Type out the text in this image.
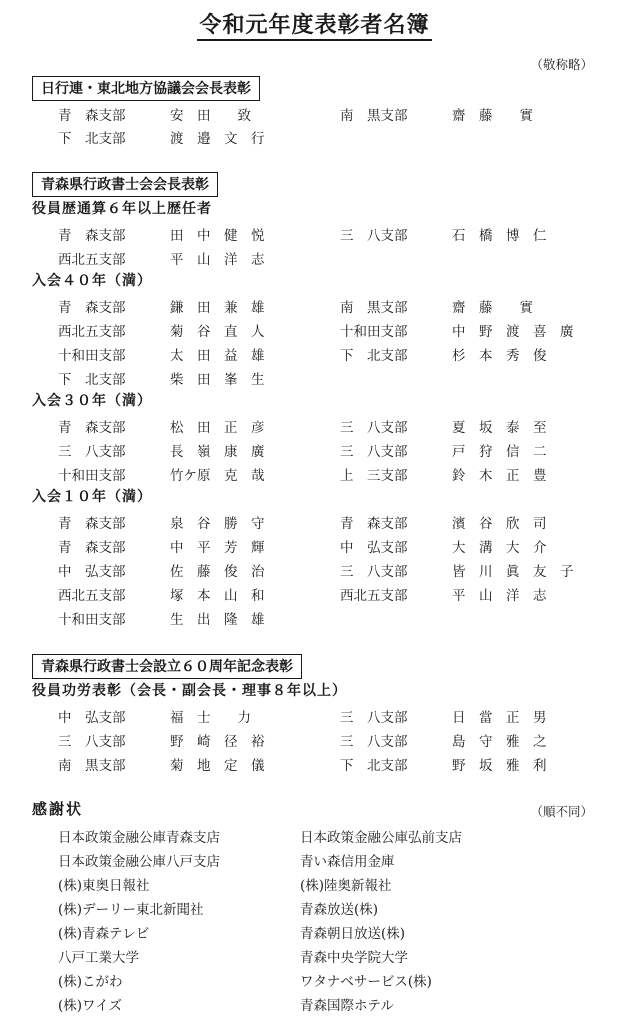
令和元年度表彰者名簿
（敬称略）
日行連・東北地方協議会会長表彰
青　森支部	安　田　　致	南　黒支部	齋　藤　　實
下　北支部	渡　邉　文　行
青森県行政書士会会長表彰
役員歴通算６年以上歴任者
青　森支部	田　中　健　悦	三　八支部	石　橋　博　仁
西北五支部	平　山　洋　志
入会４０年（満）
青　森支部	鎌　田　兼　雄	南　黒支部	齋　藤　　實
西北五支部	菊　谷　直　人	十和田支部	中　野　渡　喜　廣
十和田支部	太　田　益　雄	下　北支部	杉　本　秀　俊
下　北支部	柴　田　峯　生
入会３０年（満）
青　森支部	松　田　正　彦	三　八支部	夏　坂　泰　至
三　八支部	長　嶺　康　廣	三　八支部	戸　狩　信　二
十和田支部	竹ケ原　克　哉	上　三支部	鈴　木　正　豊
入会１０年（満）
青　森支部	泉　谷　勝　守	青　森支部	濱　谷　欣　司
青　森支部	中　平　芳　輝	中　弘支部	大　溝　大　介
中　弘支部	佐　藤　俊　治	三　八支部	皆　川　眞　友　子
西北五支部	塚　本　山　和	西北五支部	平　山　洋　志
十和田支部	生　出　隆　雄
青森県行政書士会設立６０周年記念表彰
役員功労表彰（会長・副会長・理事８年以上）
中　弘支部	福　士　　力	三　八支部	日　當　正　男
三　八支部	野　崎　径　裕	三　八支部	島　守　雅　之
南　黒支部	菊　地　定　儀	下　北支部	野　坂　雅　利
感謝状	（順不同）
日本政策金融公庫青森支店	日本政策金融公庫弘前支店
日本政策金融公庫八戸支店	青い森信用金庫
(株)東奥日報社	(株)陸奥新報社
(株)デーリー東北新聞社	青森放送(株)
(株)青森テレビ	青森朝日放送(株)
八戸工業大学	青森中央学院大学
(株)こがわ	ワタナベサービス(株)
(株)ワイズ	青森国際ホテル
